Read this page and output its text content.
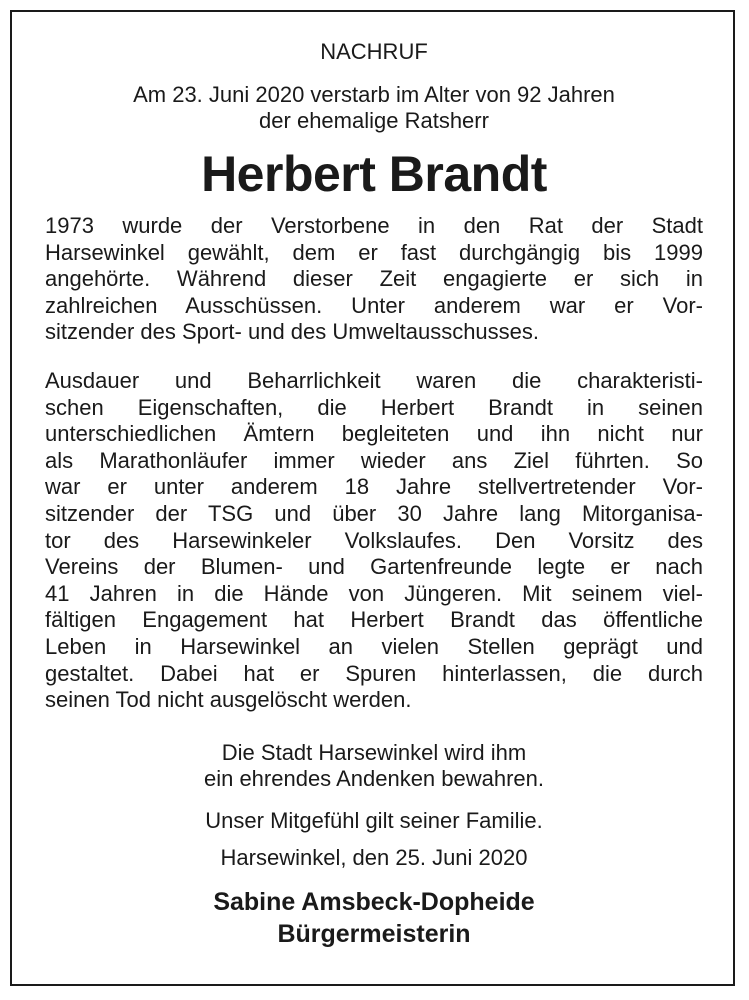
NACHRUF
Am 23. Juni 2020 verstarb im Alter von 92 Jahren
der ehemalige Ratsherr
Herbert Brandt
1973 wurde der Verstorbene in den Rat der Stadt
Harsewinkel gewählt, dem er fast durchgängig bis 1999
angehörte. Während dieser Zeit engagierte er sich in
zahlreichen Ausschüssen. Unter anderem war er Vor-
sitzender des Sport- und des Umweltausschusses.
Ausdauer und Beharrlichkeit waren die charakteristi-
schen Eigenschaften, die Herbert Brandt in seinen
unterschiedlichen Ämtern begleiteten und ihn nicht nur
als Marathonläufer immer wieder ans Ziel führten. So
war er unter anderem 18 Jahre stellvertretender Vor-
sitzender der TSG und über 30 Jahre lang Mitorganisa-
tor des Harsewinkeler Volkslaufes. Den Vorsitz des
Vereins der Blumen- und Gartenfreunde legte er nach
41 Jahren in die Hände von Jüngeren. Mit seinem viel-
fältigen Engagement hat Herbert Brandt das öffentliche
Leben in Harsewinkel an vielen Stellen geprägt und
gestaltet. Dabei hat er Spuren hinterlassen, die durch
seinen Tod nicht ausgelöscht werden.
Die Stadt Harsewinkel wird ihm
ein ehrendes Andenken bewahren.
Unser Mitgefühl gilt seiner Familie.
Harsewinkel, den 25. Juni 2020
Sabine Amsbeck-Dopheide
Bürgermeisterin
